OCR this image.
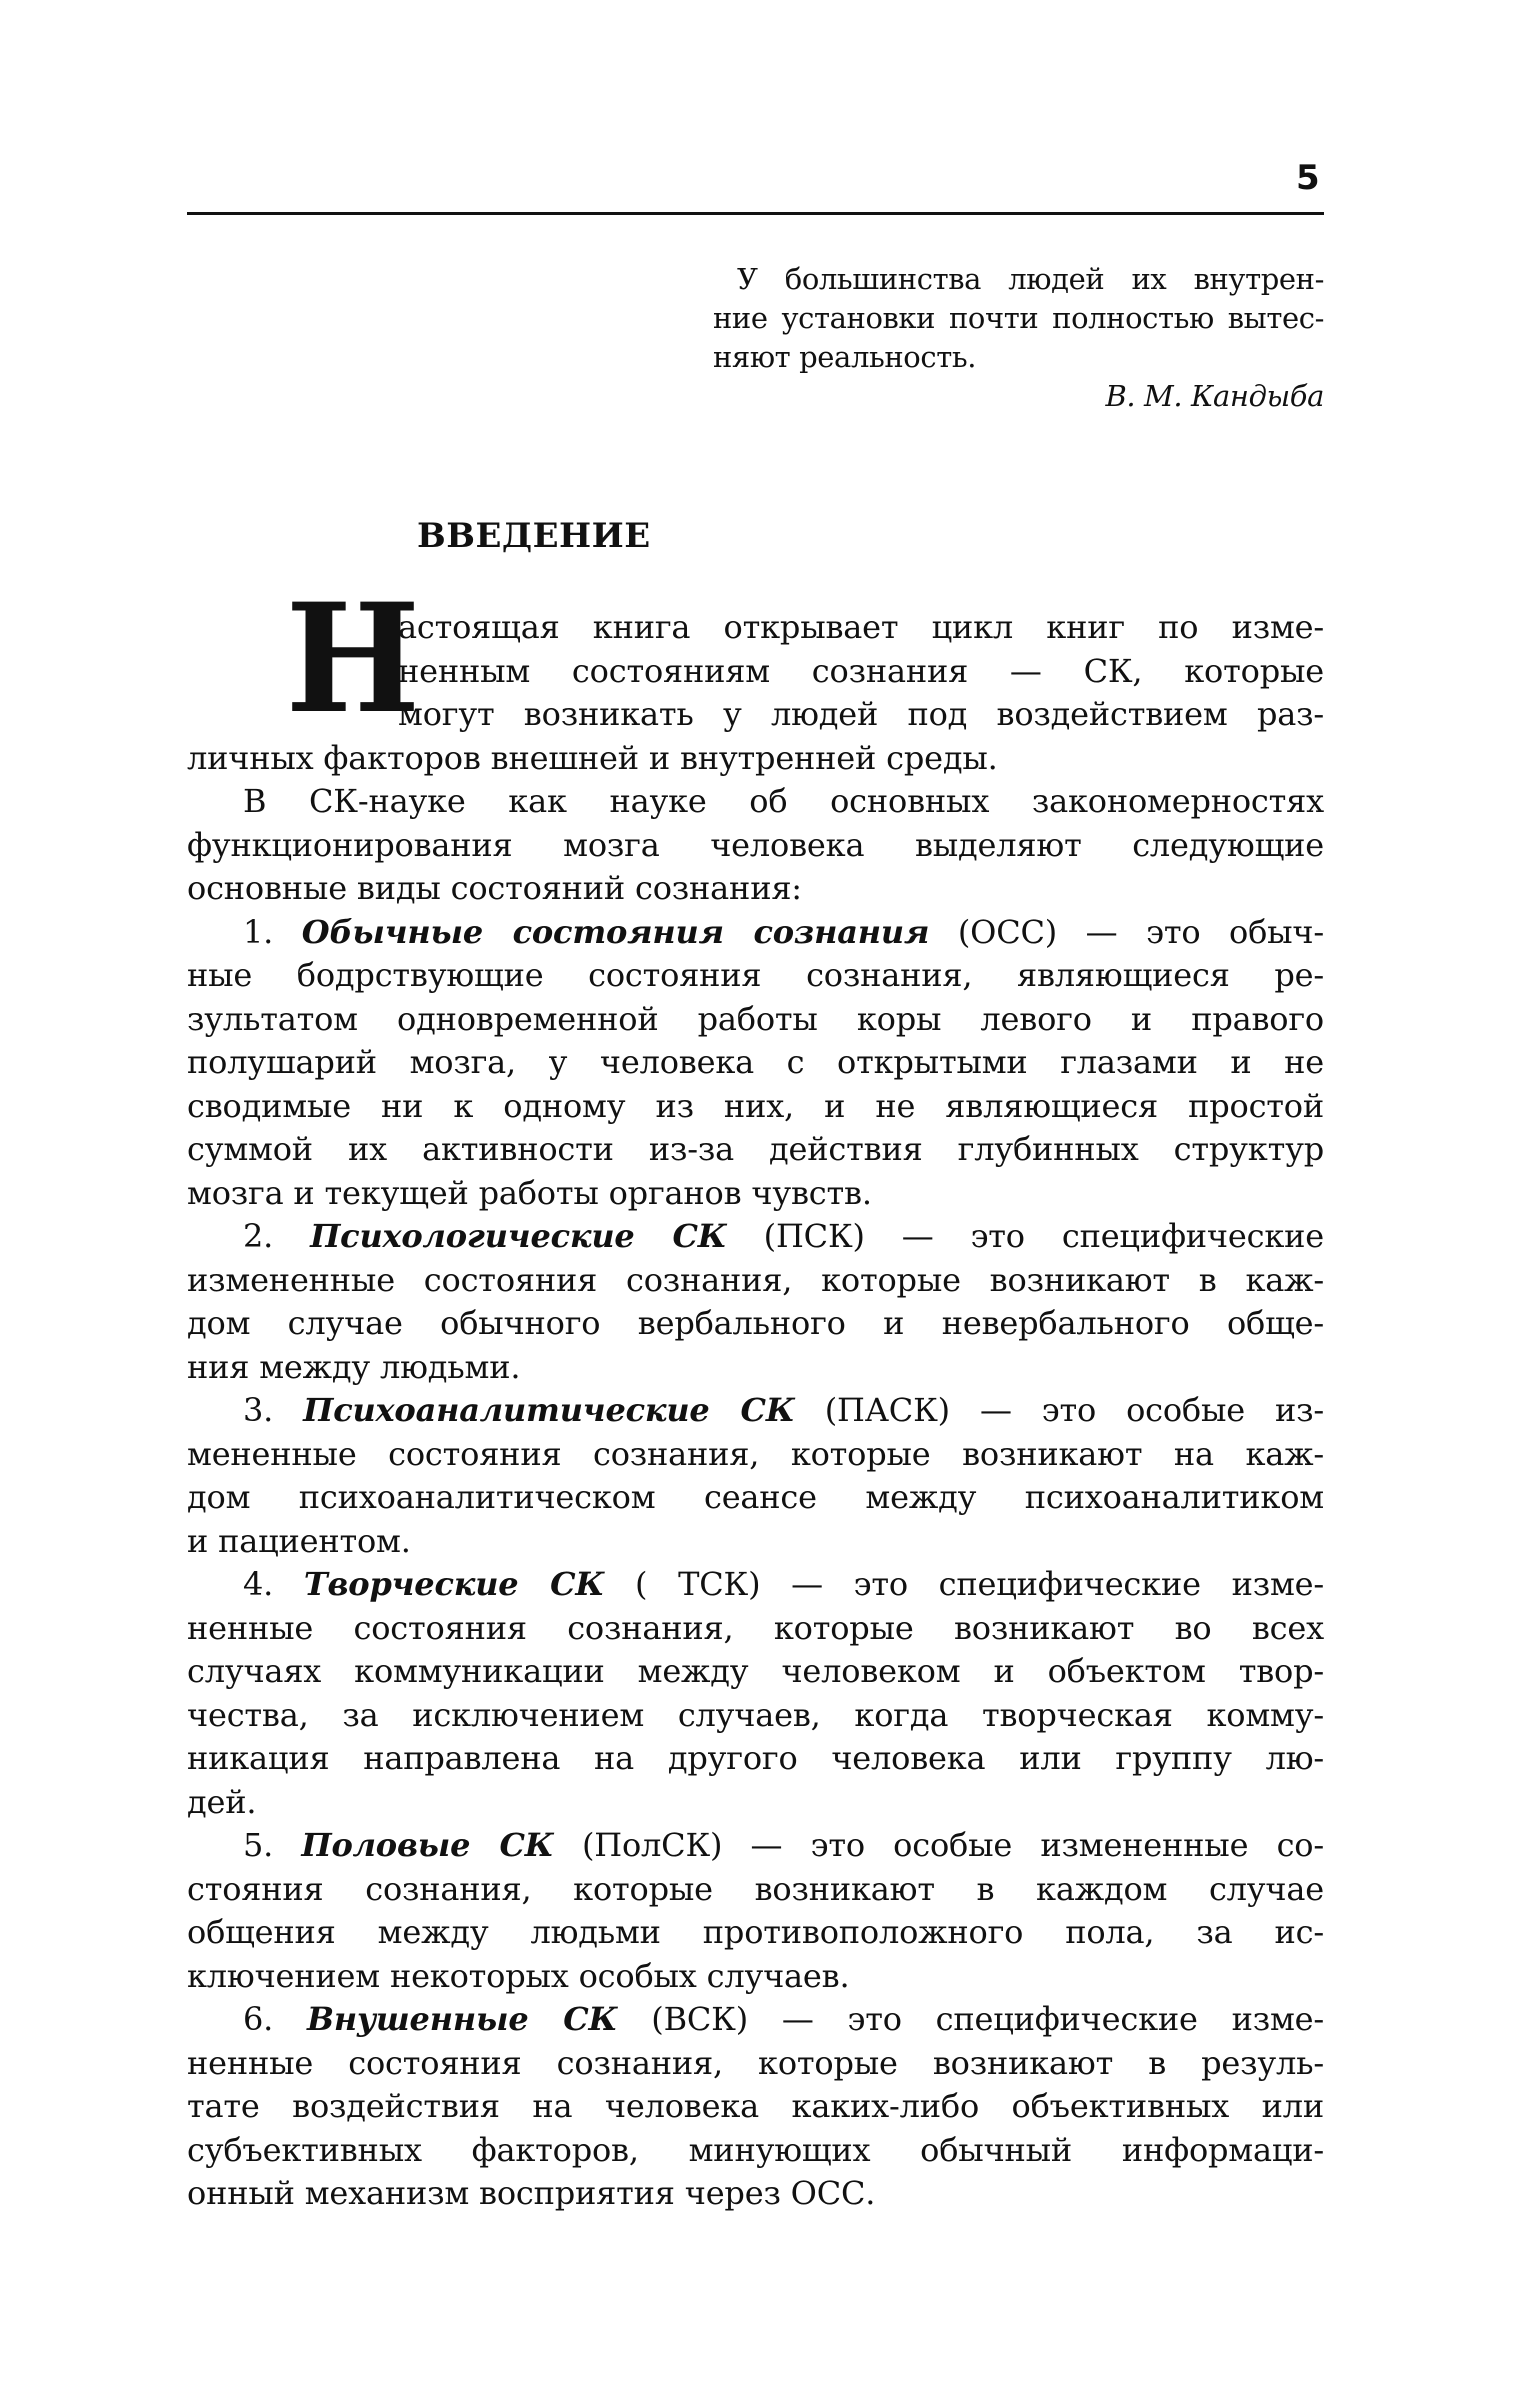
5
У большинства людей их внутрен-
ние установки почти полностью вытес-
няют реальность.
В. М. Кандыба
ВВЕДЕНИЕ
Н
астоящая книга открывает цикл книг по изме-
ненным состояниям сознания — СК, которые
могут возникать у людей под воздействием раз-
личных факторов внешней и внутренней среды.
В СК-науке как науке об основных закономерностях
функционирования мозга человека выделяют следующие
основные виды состояний сознания:
1. Обычные состояния сознания (ОСС) — это обыч-
ные бодрствующие состояния сознания, являющиеся ре-
зультатом одновременной работы коры левого и правого
полушарий мозга, у человека с открытыми глазами и не
сводимые ни к одному из них, и не являющиеся простой
суммой их активности из-за действия глубинных структур
мозга и текущей работы органов чувств.
2. Психологические СК (ПСК) — это специфические
измененные состояния сознания, которые возникают в каж-
дом случае обычного вербального и невербального обще-
ния между людьми.
3. Психоаналитические СК (ПАСК) — это особые из-
мененные состояния сознания, которые возникают на каж-
дом психоаналитическом сеансе между психоаналитиком
и пациентом.
4. Творческие СК ( ТСК) — это специфические изме-
ненные состояния сознания, которые возникают во всех
случаях коммуникации между человеком и объектом твор-
чества, за исключением случаев, когда творческая комму-
никация направлена на другого человека или группу лю-
дей.
5. Половые СК (ПолСК) — это особые измененные со-
стояния сознания, которые возникают в каждом случае
общения между людьми противоположного пола, за ис-
ключением некоторых особых случаев.
6. Внушенные СК (ВСК) — это специфические изме-
ненные состояния сознания, которые возникают в резуль-
тате воздействия на человека каких-либо объективных или
субъективных факторов, минующих обычный информаци-
онный механизм восприятия через ОСС.
